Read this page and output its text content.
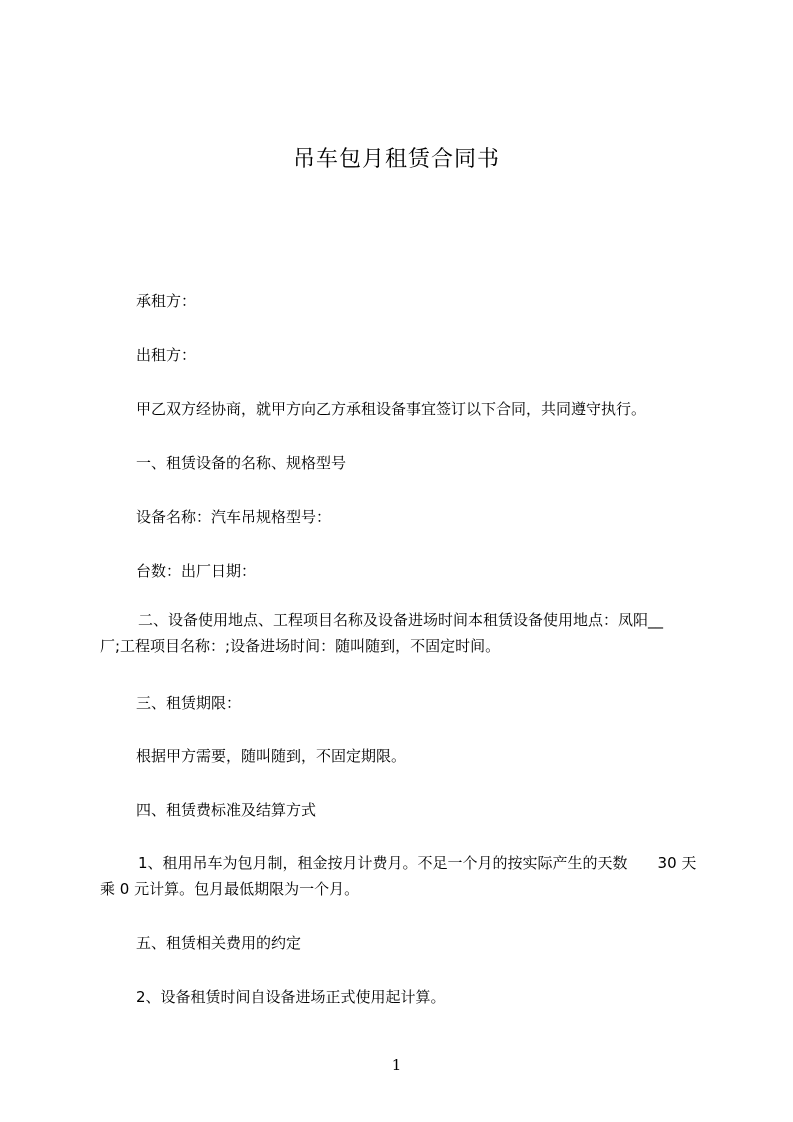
吊车包月租赁合同书
承租方：
出租方：
甲乙双方经协商，就甲方向乙方承租设备事宜签订以下合同，共同遵守执行。
一、租赁设备的名称、规格型号
设备名称：汽车吊规格型号：
台数：出厂日期：
二、设备使用地点、工程项目名称及设备进场时间本租赁设备使用地点：凤阳__
厂;工程项目名称：;设备进场时间：随叫随到，不固定时间。
三、租赁期限：
根据甲方需要，随叫随到，不固定期限。
四、租赁费标准及结算方式
1、租用吊车为包月制，租金按月计费月。不足一个月的按实际产生的天数　　30 天
乘 0 元计算。包月最低期限为一个月。
五、租赁相关费用的约定
2、设备租赁时间自设备进场正式使用起计算。
1
